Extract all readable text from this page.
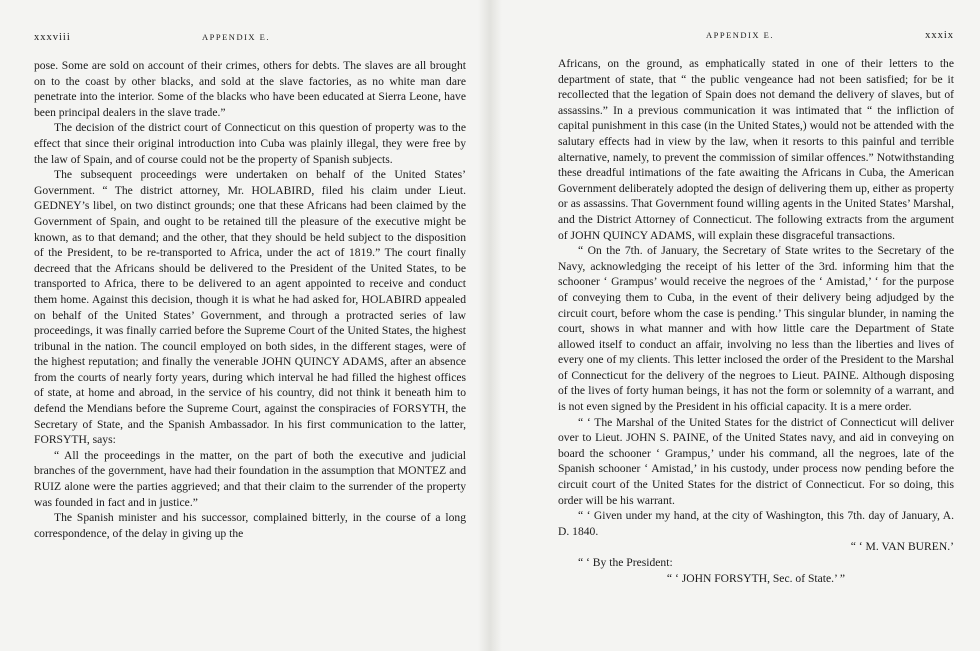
xxxviii	APPENDIX E.

pose. Some are sold on account of their crimes, others for debts. The slaves are all brought on to the coast by other blacks, and sold at the slave factories, as no white man dare penetrate into the interior. Some of the blacks who have been educated at Sierra Leone, have been principal dealers in the slave trade.”

The decision of the district court of Connecticut on this question of property was to the effect that since their original introduction into Cuba was plainly illegal, they were free by the law of Spain, and of course could not be the property of Spanish subjects.

The subsequent proceedings were undertaken on behalf of the United States’ Government. “ The district attorney, Mr. HOLABIRD, filed his claim under Lieut. GEDNEY’s libel, on two distinct grounds; one that these Africans had been claimed by the Government of Spain, and ought to be retained till the pleasure of the executive might be known, as to that demand; and the other, that they should be held subject to the disposition of the President, to be re-transported to Africa, under the act of 1819.” The court finally decreed that the Africans should be delivered to the President of the United States, to be transported to Africa, there to be delivered to an agent appointed to receive and conduct them home. Against this decision, though it is what he had asked for, HOLABIRD appealed on behalf of the United States’ Government, and through a protracted series of law proceedings, it was finally carried before the Supreme Court of the United States, the highest tribunal in the nation. The council employed on both sides, in the different stages, were of the highest reputation; and finally the venerable JOHN QUINCY ADAMS, after an absence from the courts of nearly forty years, during which interval he had filled the highest offices of state, at home and abroad, in the service of his country, did not think it beneath him to defend the Mendians before the Supreme Court, against the conspiracies of FORSYTH, the Secretary of State, and the Spanish Ambassador. In his first communication to the latter, FORSYTH, says:

“ All the proceedings in the matter, on the part of both the executive and judicial branches of the government, have had their foundation in the assumption that MONTEZ and RUIZ alone were the parties aggrieved; and that their claim to the surrender of the property was founded in fact and in justice.”

The Spanish minister and his successor, complained bitterly, in the course of a long correspondence, of the delay in giving up the

APPENDIX E.	xxxix

Africans, on the ground, as emphatically stated in one of their letters to the department of state, that “ the public vengeance had not been satisfied; for be it recollected that the legation of Spain does not demand the delivery of slaves, but of assassins.” In a previous communication it was intimated that “ the infliction of capital punishment in this case (in the United States,) would not be attended with the salutary effects had in view by the law, when it resorts to this painful and terrible alternative, namely, to prevent the commission of similar offences.” Notwithstanding these dreadful intimations of the fate awaiting the Africans in Cuba, the American Government deliberately adopted the design of delivering them up, either as property or as assassins. That Government found willing agents in the United States’ Marshal, and the District Attorney of Connecticut. The following extracts from the argument of JOHN QUINCY ADAMS, will explain these disgraceful transactions.

“ On the 7th. of January, the Secretary of State writes to the Secretary of the Navy, acknowledging the receipt of his letter of the 3rd. informing him that the schooner ‘ Grampus’ would receive the negroes of the ‘ Amistad,’ ‘ for the purpose of conveying them to Cuba, in the event of their delivery being adjudged by the circuit court, before whom the case is pending.’ This singular blunder, in naming the court, shows in what manner and with how little care the Department of State allowed itself to conduct an affair, involving no less than the liberties and lives of every one of my clients. This letter inclosed the order of the President to the Marshal of Connecticut for the delivery of the negroes to Lieut. PAINE. Although disposing of the lives of forty human beings, it has not the form or solemnity of a warrant, and is not even signed by the President in his official capacity. It is a mere order.

“ ‘ The Marshal of the United States for the district of Connecticut will deliver over to Lieut. JOHN S. PAINE, of the United States navy, and aid in conveying on board the schooner ‘ Grampus,’ under his command, all the negroes, late of the Spanish schooner ‘ Amistad,’ in his custody, under process now pending before the circuit court of the United States for the district of Connecticut. For so doing, this order will be his warrant.

“ ‘ Given under my hand, at the city of Washington, this 7th. day of January, A. D. 1840.

“ ‘ M. VAN BUREN.’

“ ‘ By the President:

“ ‘ JOHN FORSYTH, Sec. of State.’ ”
